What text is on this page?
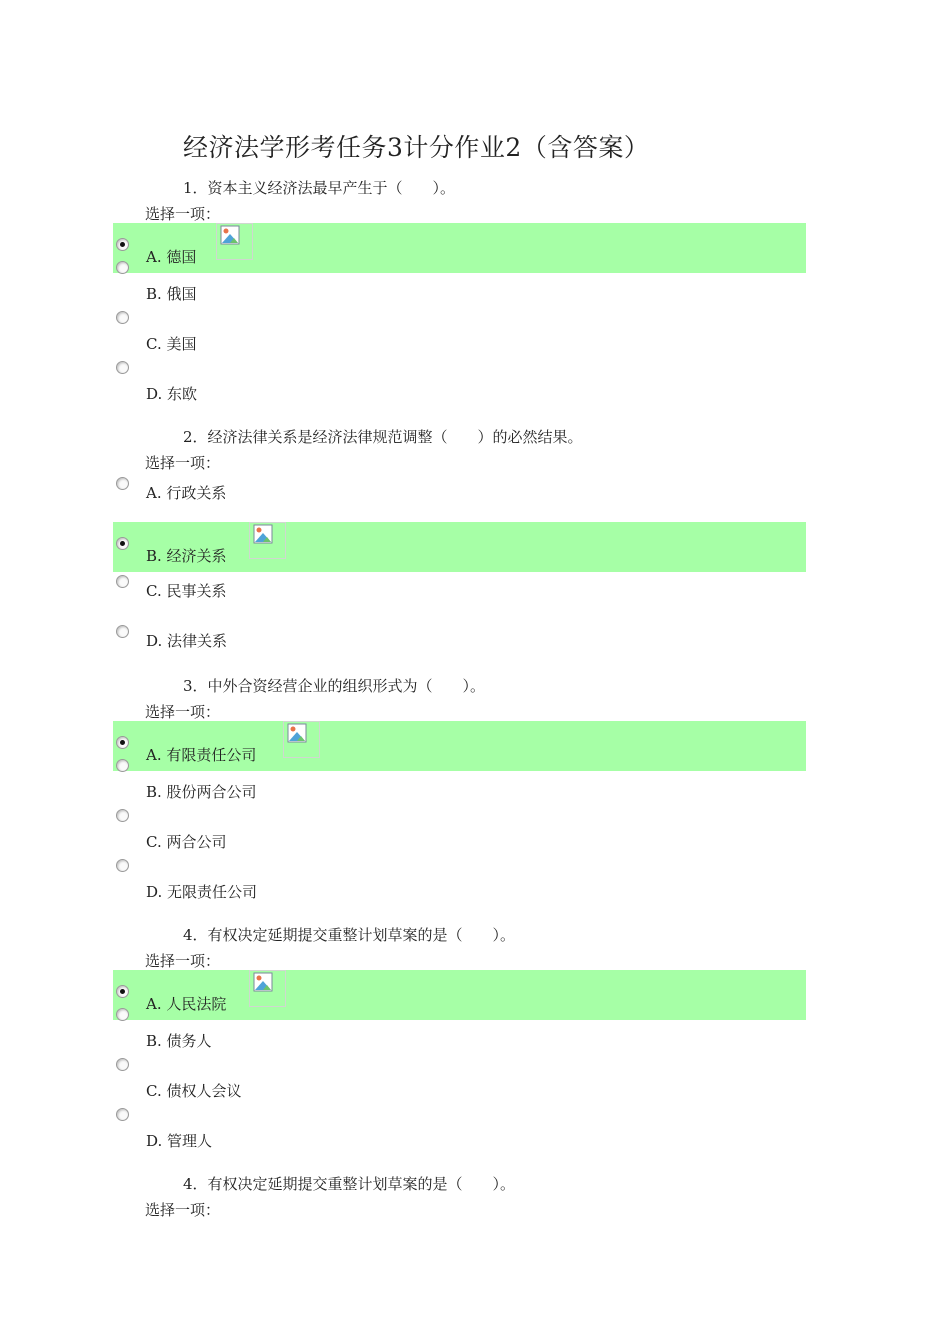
经济法学形考任务3计分作业2（含答案）
1．资本主义经济法最早产生于（　　）。
选择一项：
A. 德国
B. 俄国
C. 美国
D. 东欧
2．经济法律关系是经济法律规范调整（　　）的必然结果。
选择一项：
A. 行政关系
B. 经济关系
C. 民事关系
D. 法律关系
3．中外合资经营企业的组织形式为（　　）。
选择一项：
A. 有限责任公司
B. 股份两合公司
C. 两合公司
D. 无限责任公司
4．有权决定延期提交重整计划草案的是（　　）。
选择一项：
A. 人民法院
B. 债务人
C. 债权人会议
D. 管理人
4．有权决定延期提交重整计划草案的是（　　）。
选择一项：
